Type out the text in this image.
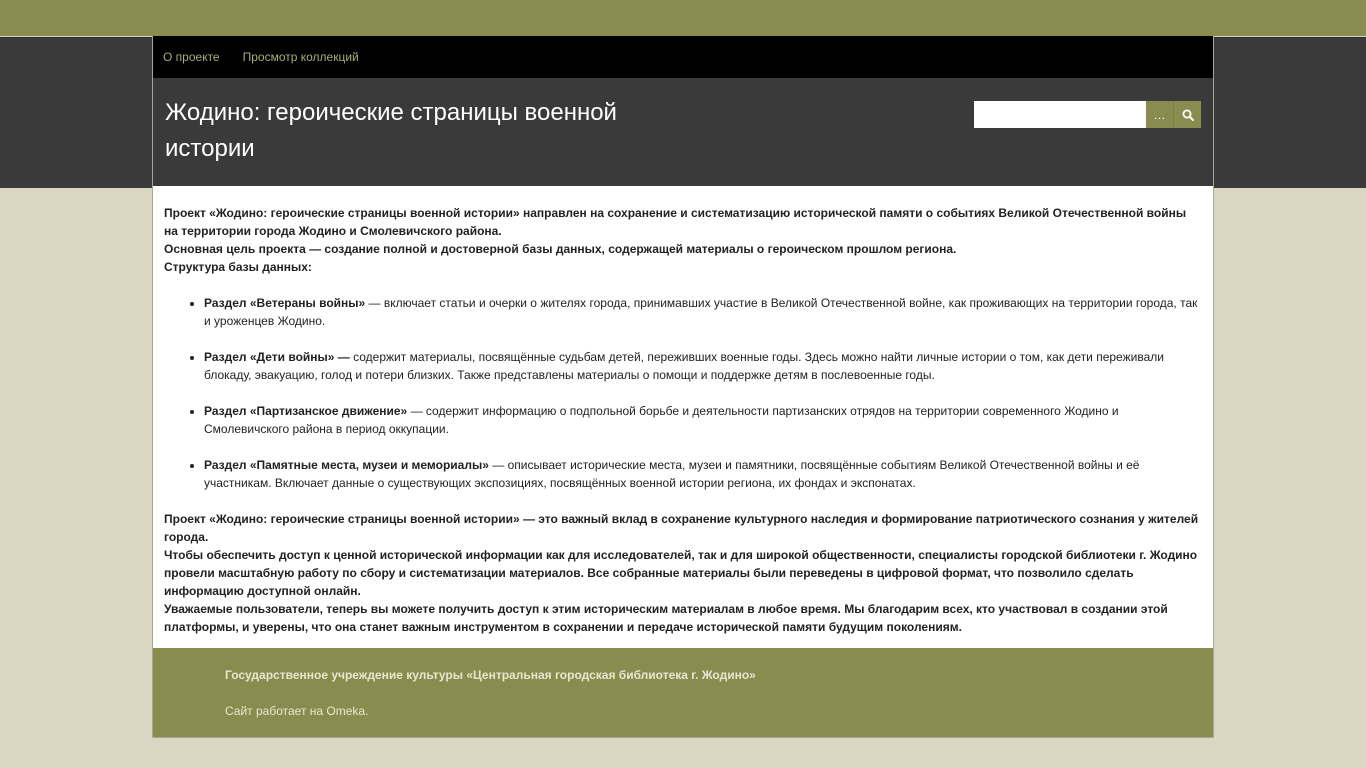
О проекте Просмотр коллекций
Жодино: героические страницы военной истории
…

Проект «Жодино: героические страницы военной истории» направлен на сохранение и систематизацию исторической памяти о событиях Великой Отечественной войны на территории города Жодино и Смолевичского района.

Основная цель проекта — создание полной и достоверной базы данных, содержащей материалы о героическом прошлом региона.

Структура базы данных:

• Раздел «Ветераны войны» — включает статьи и очерки о жителях города, принимавших участие в Великой Отечественной войне, как проживающих на территории города, так и уроженцев Жодино.
• Раздел «Дети войны» — содержит материалы, посвящённые судьбам детей, переживших военные годы. Здесь можно найти личные истории о том, как дети переживали блокаду, эвакуацию, голод и потери близких. Также представлены материалы о помощи и поддержке детям в послевоенные годы.
• Раздел «Партизанское движение» — содержит информацию о подпольной борьбе и деятельности партизанских отрядов на территории современного Жодино и Смолевичского района в период оккупации.
• Раздел «Памятные места, музеи и мемориалы» — описывает исторические места, музеи и памятники, посвящённые событиям Великой Отечественной войны и её участникам. Включает данные о существующих экспозициях, посвящённых военной истории региона, их фондах и экспонатах.

Проект «Жодино: героические страницы военной истории» — это важный вклад в сохранение культурного наследия и формирование патриотического сознания у жителей города.

Чтобы обеспечить доступ к ценной исторической информации как для исследователей, так и для широкой общественности, специалисты городской библиотеки г. Жодино провели масштабную работу по сбору и систематизации материалов. Все собранные материалы были переведены в цифровой формат, что позволило сделать информацию доступной онлайн.

Уважаемые пользователи, теперь вы можете получить доступ к этим историческим материалам в любое время. Мы благодарим всех, кто участвовал в создании этой платформы, и уверены, что она станет важным инструментом в сохранении и передаче исторической памяти будущим поколениям.

Государственное учреждение культуры «Центральная городская библиотека г. Жодино»
Сайт работает на Omeka.
